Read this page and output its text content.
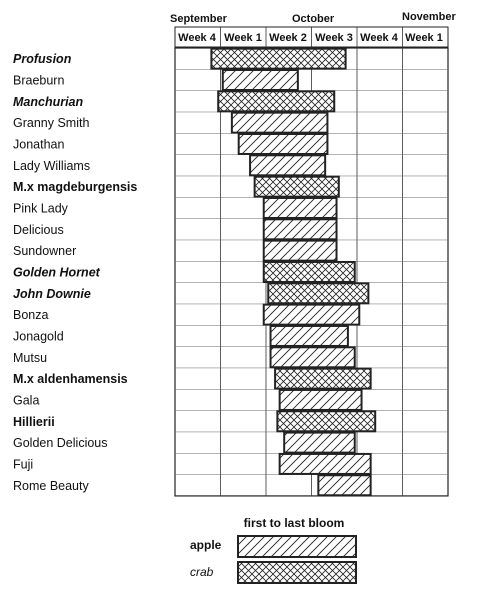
September	October	November
Week 4 Week 1 Week 2 Week 3 Week 4 Week 1
Profusion
Braeburn
Manchurian
Granny Smith
Jonathan
Lady Williams
M.x magdeburgensis
Pink Lady
Delicious
Sundowner
Golden Hornet
John Downie
Bonza
Jonagold
Mutsu
M.x aldenhamensis
Gala
Hillierii
Golden Delicious
Fuji
Rome Beauty
first to last bloom
apple
crab
